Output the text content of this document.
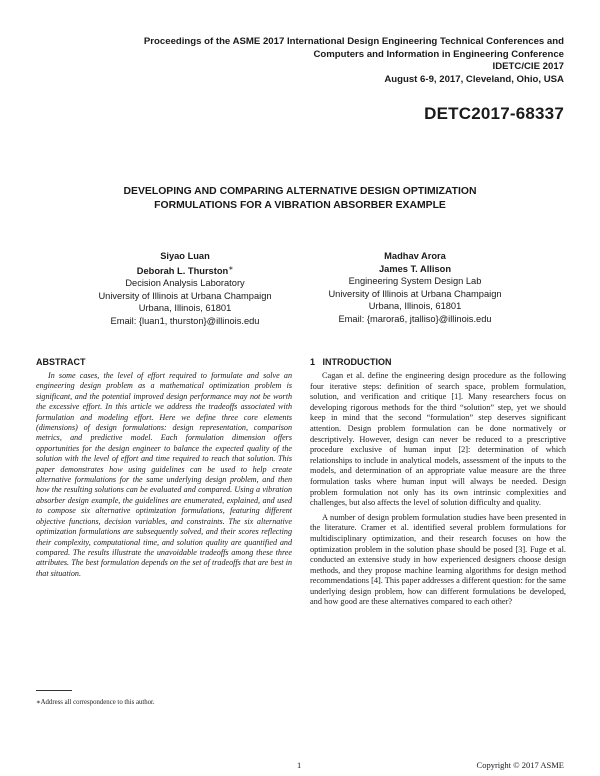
Proceedings of the ASME 2017 International Design Engineering Technical Conferences and
Computers and Information in Engineering Conference
IDETC/CIE 2017
August 6-9, 2017, Cleveland, Ohio, USA
DETC2017-68337
DEVELOPING AND COMPARING ALTERNATIVE DESIGN OPTIMIZATION
FORMULATIONS FOR A VIBRATION ABSORBER EXAMPLE
Siyao Luan
Deborah L. Thurston∗
Decision Analysis Laboratory
University of Illinois at Urbana Champaign
Urbana, Illinois, 61801
Email: {luan1, thurston}@illinois.edu
Madhav Arora
James T. Allison
Engineering System Design Lab
University of Illinois at Urbana Champaign
Urbana, Illinois, 61801
Email: {marora6, jtalliso}@illinois.edu
ABSTRACT

In some cases, the level of effort required to formulate and solve an engineering design problem as a mathematical optimization problem is significant, and the potential improved design performance may not be worth the excessive effort. In this article we address the tradeoffs associated with formulation and modeling effort. Here we define three core elements (dimensions) of design formulations: design representation, comparison metrics, and predictive model. Each formulation dimension offers opportunities for the design engineer to balance the expected quality of the solution with the level of effort and time required to reach that solution. This paper demonstrates how using guidelines can be used to help create alternative formulations for the same underlying design problem, and then how the resulting solutions can be evaluated and compared. Using a vibration absorber design example, the guidelines are enumerated, explained, and used to compose six alternative optimization formulations, featuring different objective functions, decision variables, and constraints. The six alternative optimization formulations are subsequently solved, and their scores reflecting their complexity, computational time, and solution quality are quantified and compared. The results illustrate the unavoidable tradeoffs among these three attributes. The best formulation depends on the set of tradeoffs that are best in that situation.

1   INTRODUCTION

Cagan et al. define the engineering design procedure as the following four iterative steps: definition of search space, problem formulation, solution, and verification and critique [1]. Many researchers focus on developing rigorous methods for the third “solution” step, yet we should keep in mind that the second “formulation” step deserves significant attention. Design problem formulation can be done normatively or descriptively. However, design can never be reduced to a prescriptive procedure exclusive of human input [2]: determination of which relationships to include in analytical models, assessment of the inputs to the models, and determination of an appropriate value measure are the three formulation tasks where human input will always be needed. Design problem formulation not only has its own intrinsic complexities and challenges, but also affects the level of solution difficulty and quality.

A number of design problem formulation studies have been presented in the literature. Cramer et al. identified several problem formulations for multidisciplinary optimization, and their research focuses on how the optimization problem in the solution phase should be posed [3]. Fuge et al. conducted an extensive study in how experienced designers choose design methods, and they propose machine learning algorithms for design method recommendations [4]. This paper addresses a different question: for the same underlying design problem, how can different formulations be developed, and how good are these alternatives compared to each other?

∗Address all correspondence to this author.
1	Copyright © 2017 ASME
